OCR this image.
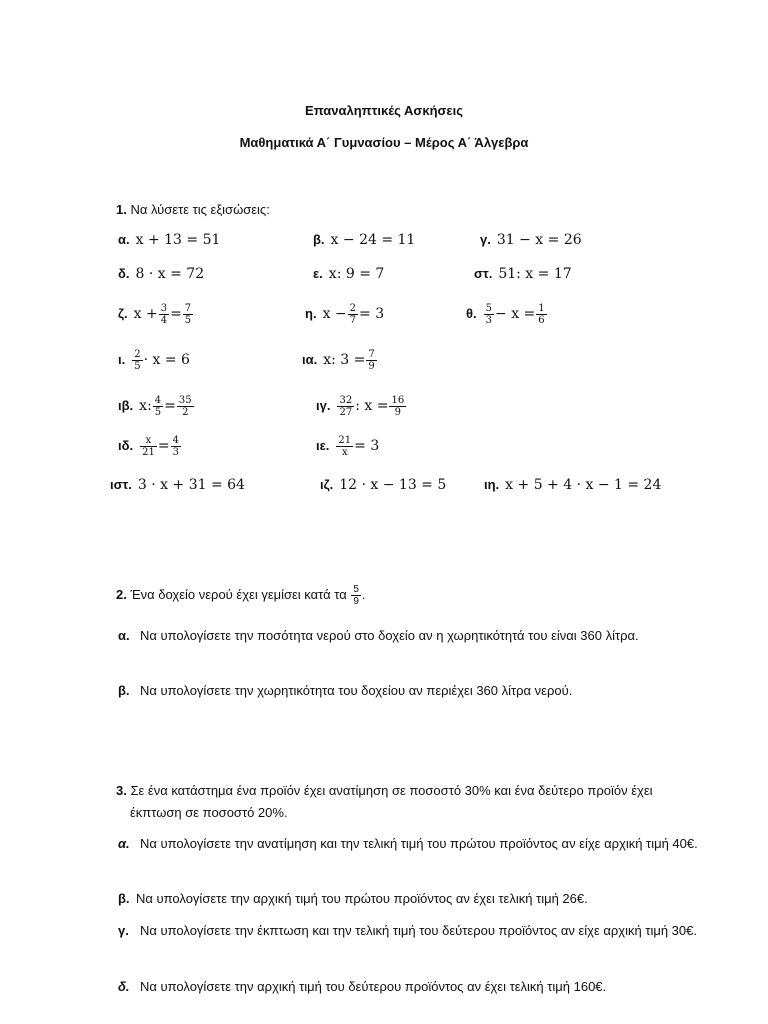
Επαναληπτικές Ασκήσεις
Μαθηματικά Α΄ Γυμνασίου – Μέρος Α΄ Άλγεβρα
1. Να λύσετε τις εξισώσεις:
α. x + 13 = 51	β. x − 24 = 11	γ. 31 − x = 26
δ. 8 · x = 72	ε. x: 9 = 7	στ. 51: x = 17
ζ. $x + \frac{3}{4} = \frac{7}{5}$	η. $x - \frac{2}{7} = 3$	θ. $\frac{5}{3} - x = \frac{1}{6}$
ι. $\frac{2}{5} \cdot x = 6$	ια. x: $3 = \frac{7}{9}$
ιβ. x: $\frac{4}{5} = \frac{35}{2}$	ιγ. $\frac{32}{27}$ : $x = \frac{16}{9}$
ιδ. $\frac{x}{21} = \frac{4}{3}$	ιε. $\frac{21}{x} = 3$
ιστ. 3 · x + 31 = 64	ιζ. 12 · x − 13 = 5	ιη. x + 5 + 4 · x − 1 = 24
2. Ένα δοχείο νερού έχει γεμίσει κατά τα $\frac{5}{9}$ .
α. Να υπολογίσετε την ποσότητα νερού στο δοχείο αν η χωρητικότητά του είναι 360 λίτρα.
β. Να υπολογίσετε την χωρητικότητα του δοχείου αν περιέχει 360 λίτρα νερού.
3. Σε ένα κατάστημα ένα προϊόν έχει ανατίμηση σε ποσοστό 30% και ένα δεύτερο προϊόν έχει έκπτωση σε ποσοστό 20%.
α. Να υπολογίσετε την ανατίμηση και την τελική τιμή του πρώτου προϊόντος αν είχε αρχική τιμή 40€.
β. Να υπολογίσετε την αρχική τιμή του πρώτου προϊόντος αν έχει τελική τιμή 26€.
γ. Να υπολογίσετε την έκπτωση και την τελική τιμή του δεύτερου προϊόντος αν είχε αρχική τιμή 30€.
δ. Να υπολογίσετε την αρχική τιμή του δεύτερου προϊόντος αν έχει τελική τιμή 160€.
